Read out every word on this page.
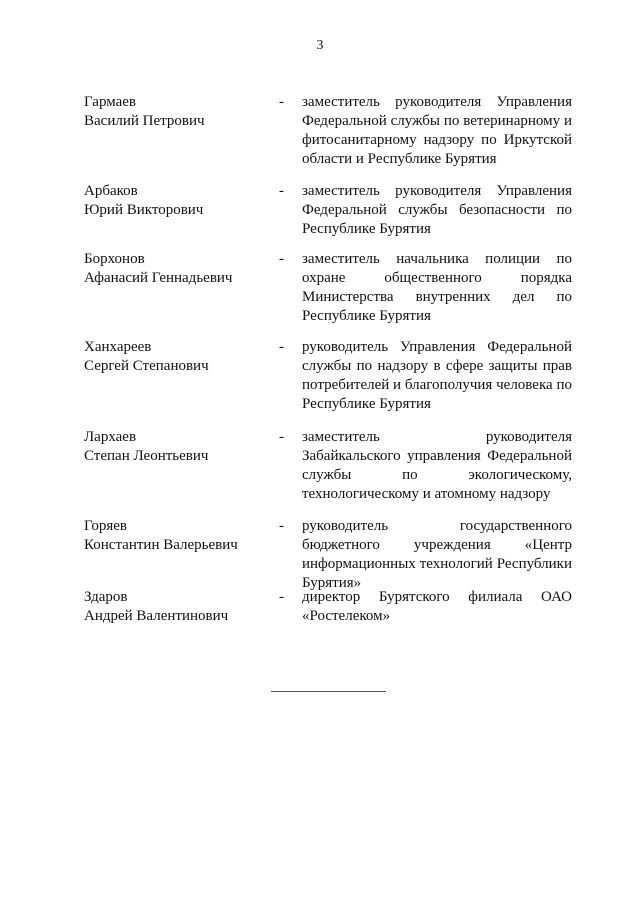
3
Гармаев
Василий Петрович
-	заместитель руководителя Управления Федеральной службы по ветеринарному и фитосанитарному надзору по Иркутской области и Республике Бурятия
Арбаков
Юрий Викторович
-	заместитель руководителя Управления Федеральной службы безопасности по Республике Бурятия
Борхонов
Афанасий Геннадьевич
-	заместитель начальника полиции по охране общественного порядка Министерства внутренних дел по Республике Бурятия
Ханхареев
Сергей Степанович
-	руководитель Управления Федеральной службы по надзору в сфере защиты прав потребителей и благополучия человека по Республике Бурятия
Лархаев
Степан Леонтьевич
-	заместитель руководителя Забайкальского управления Федеральной службы по экологическому, технологическому и атомному надзору
Горяев
Константин Валерьевич
-	руководитель государственного бюджетного учреждения «Центр информационных технологий Республики Бурятия»
Здаров
Андрей Валентинович
-	директор Бурятского филиала ОАО «Ростелеком»
